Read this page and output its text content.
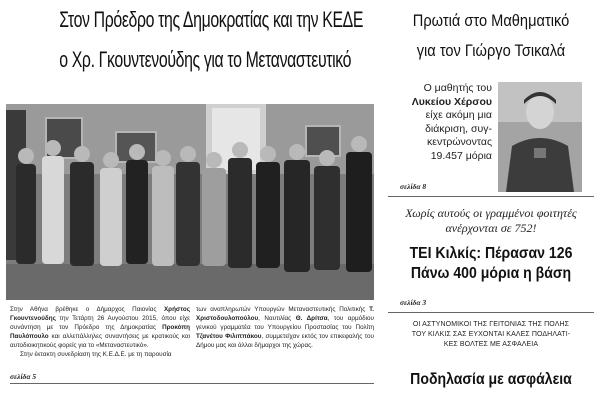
Στον Πρόεδρο της Δημοκρατίας και την ΚΕΔΕ
ο Χρ. Γκουντενούδης για το Μεταναστευτικό
Στην Αθήνα βρέθηκε ο Δήμαρχος Παιονίας Χρήστος Γκουντενούδης την Τετάρτη 26 Αυγούστου 2015, όπου είχε συνάντηση με τον Πρόεδρο της Δημοκρατίας Προκόπη Παυλόπουλο και αλλεπάλληλες συναντήσεις με κρατικούς και αυτοδιοικητικούς φορείς για το «Μεταναστευτικό».
Στην έκτακτη συνεδρίαση της Κ.Ε.Δ.Ε. με τη παρουσία
των αναπληρωτών Υπουργών Μεταναστευτικής Πολιτικής Τ. Χριστοδουλοπούλου, Ναυτιλίας Θ. Δρίτσα, του αρμόδιου γενικού γραμματέα του Υπουργείου Προστασίας του Πολίτη Τζανέτου Φιλιππάκου, συμμετείχαν εκτός τον επικεφαλής του Δήμου μας και άλλοι δήμαρχοι της χώρας.
σελίδα 5
Πρωτιά στο Μαθηματικό
για τον Γιώργο Τσικαλά
Ο μαθητής του
Λυκείου Χέρσου
είχε ακόμη μια
διάκριση, συγ-
κεντρώνοντας
19.457 μόρια
σελίδα 8
Χωρίς αυτούς οι γραμμένοι φοιτητές
ανέρχονται σε 752!
ΤΕΙ Κιλκίς: Πέρασαν 126
Πάνω 400 μόρια η βάση
σελίδα 3
ΟΙ ΑΣΤΥΝΟΜΙΚΟΙ ΤΗΣ ΓΕΙΤΟΝΙΑΣ ΤΗΣ ΠΟΛΗΣ
ΤΟΥ ΚΙΛΚΙΣ ΣΑΣ ΕΥΧΟΝΤΑΙ ΚΑΛΕΣ ΠΟΔΗΛΑΤΙ-
ΚΕΣ ΒΟΛΤΕΣ ΜΕ ΑΣΦΑΛΕΙΑ
Ποδηλασία με ασφάλεια
